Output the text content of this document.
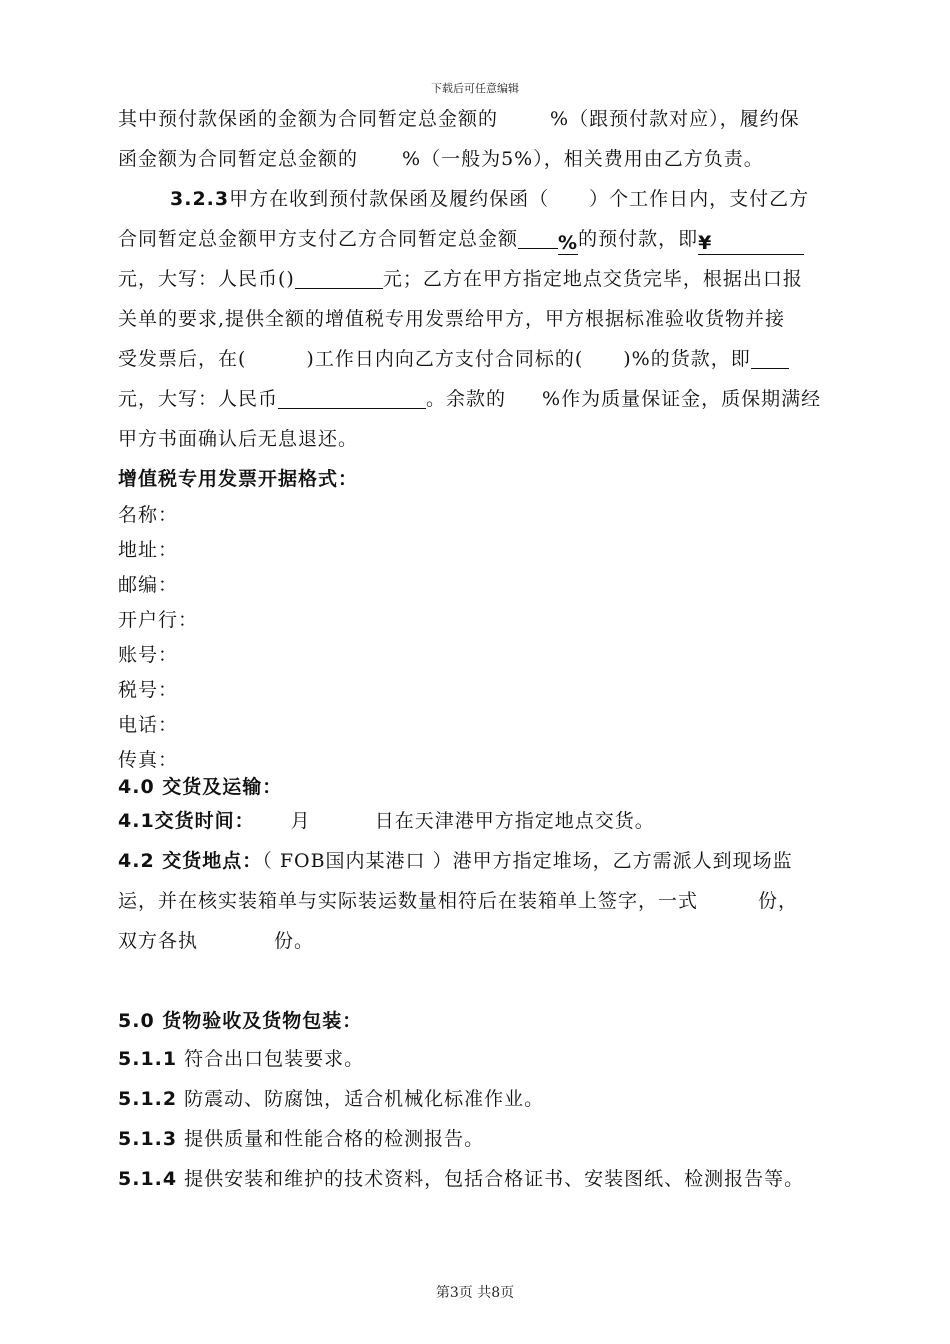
下载后可任意编辑
其中预付款保函的金额为合同暂定总金额的	%（跟预付款对应），履约保
函金额为合同暂定总金额的 %（一般为5%），相关费用由乙方负责。
3.2.3甲方在收到预付款保函及履约保函（　　）个工作日内，支付乙方
合同暂定总金额甲方支付乙方合同暂定总金额 %的预付款，即¥
元，大写：人民币()	元；乙方在甲方指定地点交货完毕，根据出口报
关单的要求,提供全额的增值税专用发票给甲方，甲方根据标准验收货物并接
受发票后，在(　　　)工作日内向乙方支付合同标的(　　)%的货款，即
元，大写：人民币	。余款的 %作为质量保证金，质保期满经
甲方书面确认后无息退还。
增值税专用发票开据格式：
名称：
地址：
邮编：
开户行：
账号：
税号：
电话：
传真：
4.0 交货及运输：
4.1交货时间： 月	日在天津港甲方指定地点交货。
4.2 交货地点：（ FOB国内某港口 ）港甲方指定堆场，乙方需派人到现场监
运，并在核实装箱单与实际装运数量相符后在装箱单上签字，一式	份，
双方各执	份。
5.0 货物验收及货物包装：
5.1.1 符合出口包装要求。
5.1.2 防震动、防腐蚀，适合机械化标准作业。
5.1.3 提供质量和性能合格的检测报告。
5.1.4 提供安装和维护的技术资料，包括合格证书、安装图纸、检测报告等。
第3页 共8页
